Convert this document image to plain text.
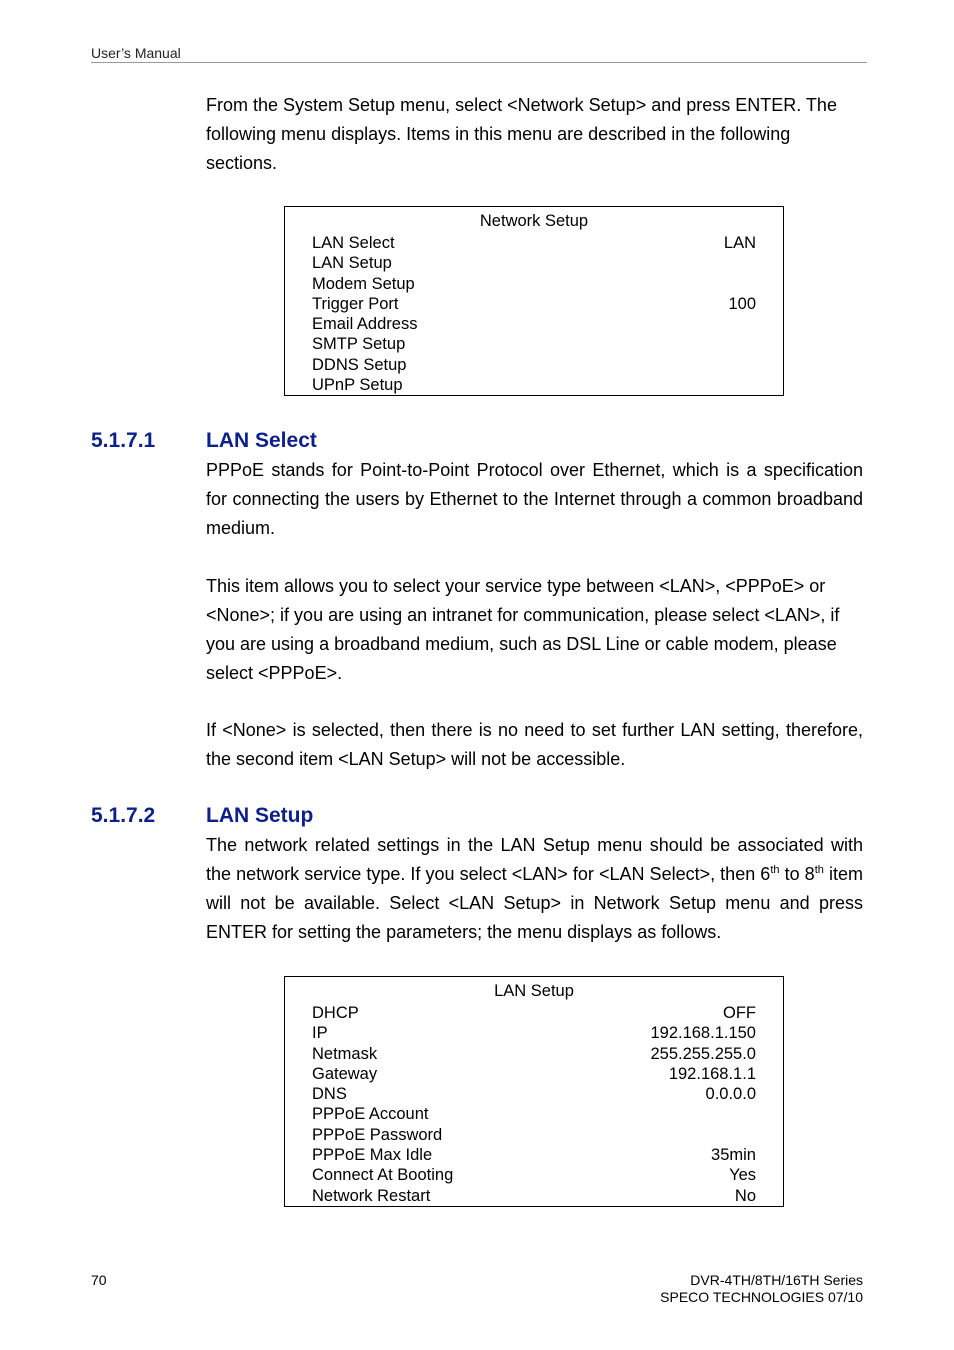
User’s Manual

From the System Setup menu, select <Network Setup> and press ENTER. The following menu displays. Items in this menu are described in the following sections.

Network Setup
LAN Select	LAN
LAN Setup
Modem Setup
Trigger Port	100
Email Address
SMTP Setup
DDNS Setup
UPnP Setup
5.1.7.1 LAN Select

PPPoE stands for Point-to-Point Protocol over Ethernet, which is a specification for connecting the users by Ethernet to the Internet through a common broadband medium.

This item allows you to select your service type between <LAN>, <PPPoE> or <None>; if you are using an intranet for communication, please select <LAN>, if you are using a broadband medium, such as DSL Line or cable modem, please select <PPPoE>.

If <None> is selected, then there is no need to set further LAN setting, therefore, the second item <LAN Setup> will not be accessible.

5.1.7.2 LAN Setup

The network related settings in the LAN Setup menu should be associated with the network service type. If you select <LAN> for <LAN Select>, then 6th to 8th item will not be available. Select <LAN Setup> in Network Setup menu and press ENTER for setting the parameters; the menu displays as follows.

LAN Setup
DHCP	OFF
IP	192.168.1.150
Netmask	255.255.255.0
Gateway	192.168.1.1
DNS	0.0.0.0
PPPoE Account
PPPoE Password
PPPoE Max Idle	35min
Connect At Booting	Yes
Network Restart	No
70	DVR-4TH/8TH/16TH Series
SPECO TECHNOLOGIES 07/10
